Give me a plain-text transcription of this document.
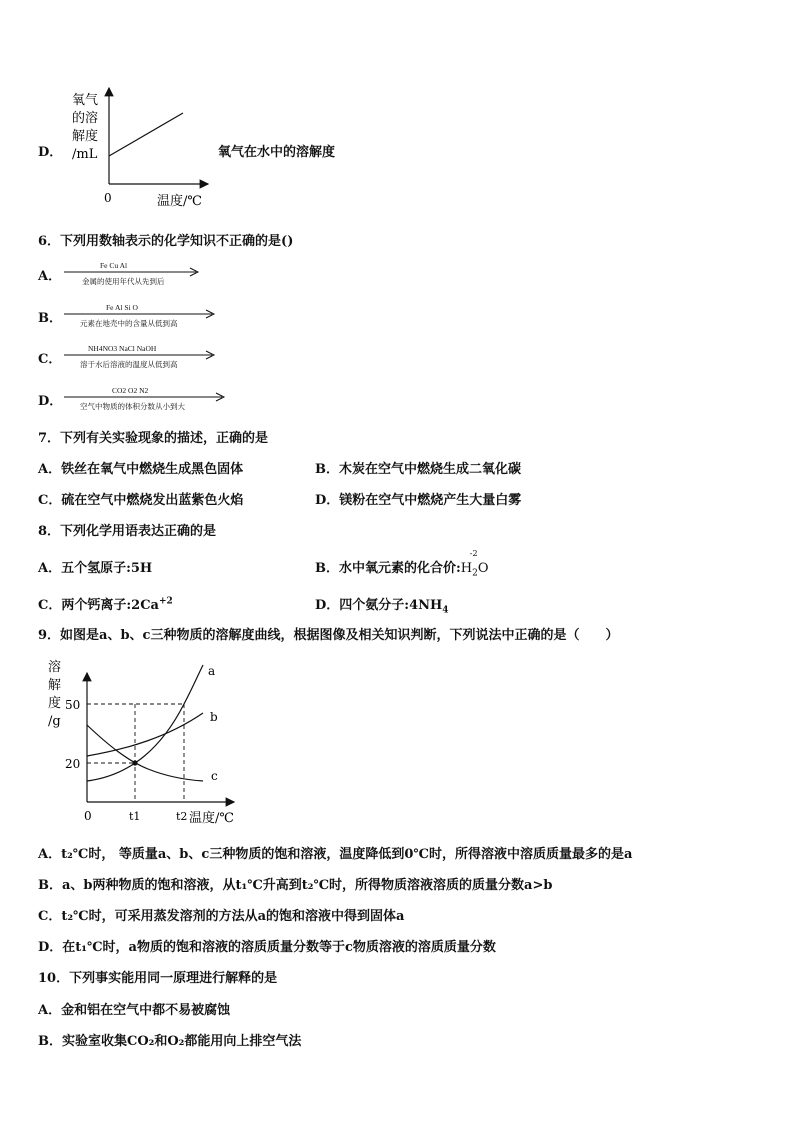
D．
0	温度/℃
氧气
的溶
解度
/mL	氧气在水中的溶解度
6．下列用数轴表示的化学知识不正确的是()
A．
Fe Cu Al
金属的使用年代从先到后
B．
Fe Al Si O
元素在地壳中的含量从低到高
C．
NH4NO3 NaCl NaOH
溶于水后溶液的温度从低到高
D．
CO2 O2 N2
空气中物质的体积分数从小到大
7．下列有关实验现象的描述，正确的是
A．铁丝在氧气中燃烧生成黑色固体	B．木炭在空气中燃烧生成二氧化碳
C．硫在空气中燃烧发出蓝紫色火焰	D．镁粉在空气中燃烧产生大量白雾
8．下列化学用语表达正确的是
A．五个氢原子:5H	B．水中氧元素的化合价$:H_2O$
-2
C．两个钙离子$:2Ca^{+2}$	D．四个氨分子$:4NH_4$
9．如图是a、b、c三种物质的溶解度曲线，根据图像及相关知识判断，下列说法中正确的是（　　）
a
b
c
50
20
0	t1	t2 温度/℃
溶
解
度
/g
A．t₂℃时， 等质量a、b、c三种物质的饱和溶液，温度降低到0℃时，所得溶液中溶质质量最多的是a
B．a、b两种物质的饱和溶液，从t₁℃升高到t₂℃时，所得物质溶液溶质的质量分数a>b
C．t₂℃时，可采用蒸发溶剂的方法从a的饱和溶液中得到固体a
D．在t₁℃时，a物质的饱和溶液的溶质质量分数等于c物质溶液的溶质质量分数
10．下列事实能用同一原理进行解释的是
A．金和铝在空气中都不易被腐蚀
B．实验室收集CO₂和O₂都能用向上排空气法
